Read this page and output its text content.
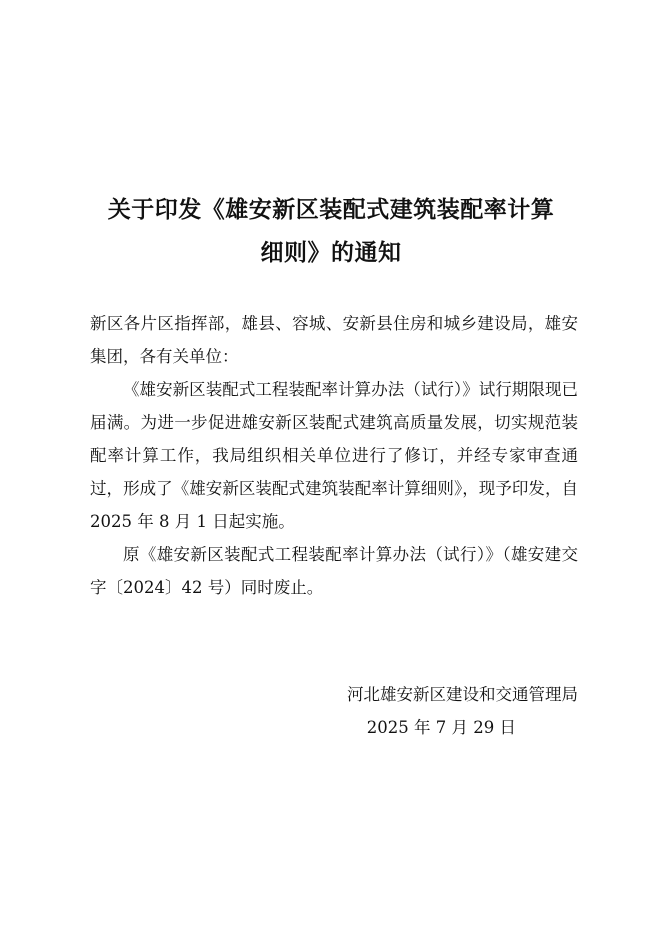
关于印发《雄安新区装配式建筑装配率计算
细则》的通知

新区各片区指挥部，雄县、容城、安新县住房和城乡建设局，雄安集团，各有关单位：

《雄安新区装配式工程装配率计算办法（试行）》试行期限现已届满。为进一步促进雄安新区装配式建筑高质量发展，切实规范装配率计算工作，我局组织相关单位进行了修订，并经专家审查通过，形成了《雄安新区装配式建筑装配率计算细则》，现予印发，自 2025 年 8 月 1 日起实施。

原《雄安新区装配式工程装配率计算办法（试行）》（雄安建交字〔2024〕42 号）同时废止。

河北雄安新区建设和交通管理局

2025 年 7 月 29 日
